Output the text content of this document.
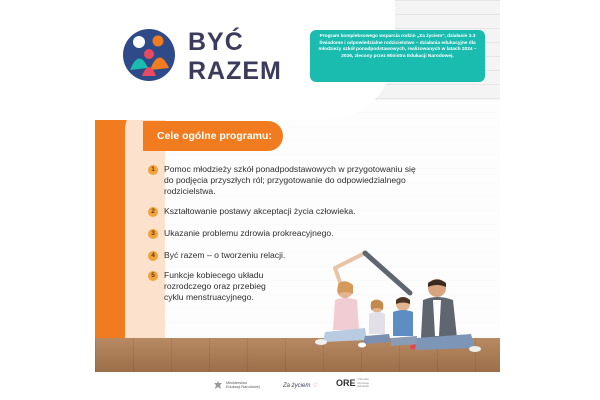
BYĆ
RAZEM
Program kompleksowego wsparcia rodzin „Za życiem", działanie 3.3 Świadome i odpowiedzialne rodzicielstwo – działania edukacyjne dla młodzieży szkół ponadpodstawowych, realizowanych w latach 2024 – 2026, zlecony przez Ministra Edukacji Narodowej.
Cele ogólne programu:
1	Pomoc młodzieży szkół ponadpodstawowych w przygotowaniu się
do podjęcia przyszłych ról; przygotowanie do odpowiedzialnego
rodzicielstwa.
2	Kształtowanie postawy akceptacji życia człowieka.
3	Ukazanie problemu zdrowia prokreacyjnego.
4	Być razem – o tworzeniu relacji.
5	Funkcje kobiecego układu
rozrodczego oraz przebieg
cyklu menstruacyjnego.
Ministerstwo
Edukacji Narodowej	Za życiem ♡ ORE Ośrodek
Rozwoju
Edukacji
